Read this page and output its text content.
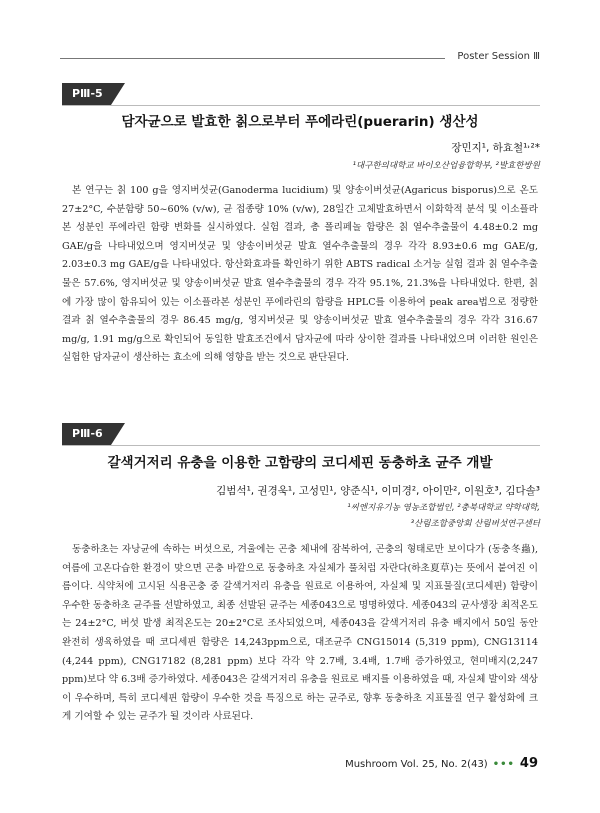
Poster Session Ⅲ
PⅢ-5
담자균으로 발효한 칡으로부터 푸에라린(puerarin) 생산성
장민지¹, 하효철¹˒²*
¹대구한의대학교 바이오산업융합학부, ²발효한방원
본 연구는 칡 100 g을 영지버섯균(Ganoderma lucidium) 및 양송이버섯균(Agaricus bisporus)으로 온도 27±2°C, 수분함량 50~60% (v/w), 균 접종량 10% (v/w), 28일간 고체발효하면서 이화학적 분석 및 이소플라본 성분인 푸에라린 함량 변화를 실시하였다. 실험 결과, 총 폴리페놀 함량은 칡 열수추출물이 4.48±0.2 mg GAE/g을 나타내었으며 영지버섯균 및 양송이버섯균 발효 열수추출물의 경우 각각 8.93±0.6 mg GAE/g, 2.03±0.3 mg GAE/g을 나타내었다. 항산화효과를 확인하기 위한 ABTS radical 소거능 실험 결과 칡 열수추출물은 57.6%, 영지버섯균 및 양송이버섯균 발효 열수추출물의 경우 각각 95.1%, 21.3%을 나타내었다. 한편, 칡에 가장 많이 함유되어 있는 이소플라본 성분인 푸에라린의 함량을 HPLC를 이용하여 peak area법으로 정량한 결과 칡 열수추출물의 경우 86.45 mg/g, 영지버섯균 및 양송이버섯균 발효 열수추출물의 경우 각각 316.67 mg/g, 1.91 mg/g으로 확인되어 동일한 발효조건에서 담자균에 따라 상이한 결과를 나타내었으며 이러한 원인은 실험한 담자균이 생산하는 효소에 의해 영향을 받는 것으로 판단된다.
PⅢ-6
갈색거저리 유충을 이용한 고함량의 코디세핀 동충하초 균주 개발
김범석¹, 권경욱¹, 고성민¹, 양준식¹, 이미경², 아이만², 이원호³, 김다솔³
¹씨엔지유기농 영농조합법인, ²충북대학교 약학대학,
³산림조합중앙회 산림버섯연구센터
동충하초는 자낭균에 속하는 버섯으로, 겨울에는 곤충 체내에 잠복하여, 곤충의 형태로만 보이다가 (동충冬蟲), 여름에 고온다습한 환경이 맞으면 곤충 바깥으로 동충하초 자실체가 풀처럼 자란다(하초夏草)는 뜻에서 붙여진 이름이다. 식약처에 고시된 식용곤충 중 갈색거저리 유충을 원료로 이용하여, 자실체 및 지표물질(코디세핀) 함량이 우수한 동충하초 균주를 선발하였고, 최종 선발된 균주는 세종043으로 명명하였다. 세종043의 균사생장 최적온도는 24±2°C, 버섯 발생 최적온도는 20±2°C로 조사되었으며, 세종043을 갈색거저리 유충 배지에서 50일 동안 완전히 생육하였을 때 코디세핀 함량은 14,243ppm으로, 대조균주 CNG15014 (5,319 ppm), CNG13114 (4,244 ppm), CNG17182 (8,281 ppm) 보다 각각 약 2.7배, 3.4배, 1.7배 증가하였고, 현미배지(2,247 ppm)보다 약 6.3배 증가하였다. 세종043은 갈색거저리 유충을 원료로 배지를 이용하였을 때, 자실체 발이와 색상이 우수하며, 특히 코디세핀 함량이 우수한 것을 특징으로 하는 균주로, 향후 동충하초 지표물질 연구 활성화에 크게 기여할 수 있는 균주가 될 것이라 사료된다.
Mushroom Vol. 25, No. 2(43) ••• 49
